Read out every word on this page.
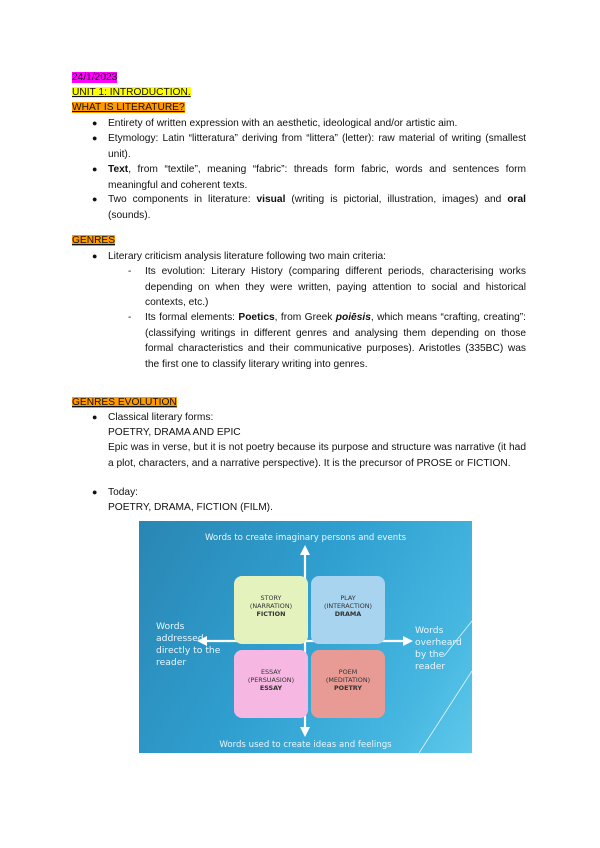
24/1/2023
UNIT 1: INTRODUCTION.
WHAT IS LITERATURE?
● Entirety of written expression with an aesthetic, ideological and/or artistic aim.
● Etymology: Latin “litteratura” deriving from “littera” (letter): raw material of writing (smallest unit).
● Text, from “textile”, meaning “fabric”: threads form fabric, words and sentences form meaningful and coherent texts.
● Two components in literature: visual (writing is pictorial, illustration, images) and oral (sounds).
GENRES
● Literary criticism analysis literature following two main criteria:
- Its evolution: Literary History (comparing different periods, characterising works depending on when they were written, paying attention to social and historical contexts, etc.)
- Its formal elements: Poetics, from Greek poiēsis, which means “crafting, creating”: (classifying writings in different genres and analysing them depending on those formal characteristics and their communicative purposes). Aristotles (335BC) was the first one to classify literary writing into genres.
GENRES EVOLUTION
● Classical literary forms:
POETRY, DRAMA AND EPIC
Epic was in verse, but it is not poetry because its purpose and structure was narrative (it had a plot, characters, and a narrative perspective). It is the precursor of PROSE or FICTION.
● Today:
POETRY, DRAMA, FICTION (FILM).
Words to create imaginary persons and events
Words used to create ideas and feelings
Words addressed directly to the reader
Words overheard by the reader
STORY
(NARRATION)
FICTION
PLAY
(INTERACTION)
DRAMA
ESSAY
(PERSUASION)
ESSAY
POEM
(MEDITATION)
POETRY
